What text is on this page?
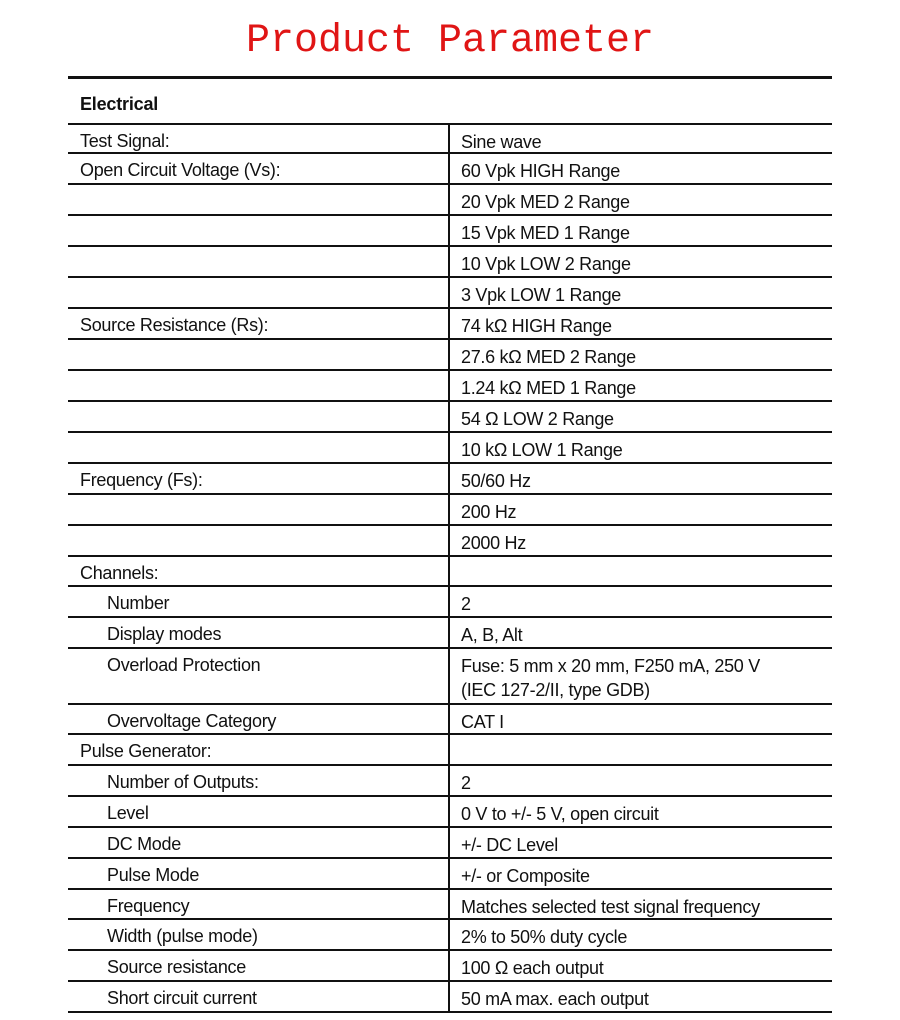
Product Parameter
Electrical
Test Signal:	Sine wave
Open Circuit Voltage (Vs):	60 Vpk HIGH Range
20 Vpk MED 2 Range
15 Vpk MED 1 Range
10 Vpk LOW 2 Range
3 Vpk LOW 1 Range
Source Resistance (Rs):	74 kΩ HIGH Range
27.6 kΩ MED 2 Range
1.24 kΩ MED 1 Range
54 Ω LOW 2 Range
10 kΩ LOW 1 Range
Frequency (Fs):	50/60 Hz
200 Hz
2000 Hz
Channels:
Number	2
Display modes	A, B, Alt
Overload Protection	Fuse: 5 mm x 20 mm, F250 mA, 250 V
(IEC 127-2/II, type GDB)
Overvoltage Category	CAT I
Pulse Generator:
Number of Outputs:	2
Level	0 V to +/- 5 V, open circuit
DC Mode	+/- DC Level
Pulse Mode	+/- or Composite
Frequency	Matches selected test signal frequency
Width (pulse mode)	2% to 50% duty cycle
Source resistance	100 Ω each output
Short circuit current	50 mA max. each output
